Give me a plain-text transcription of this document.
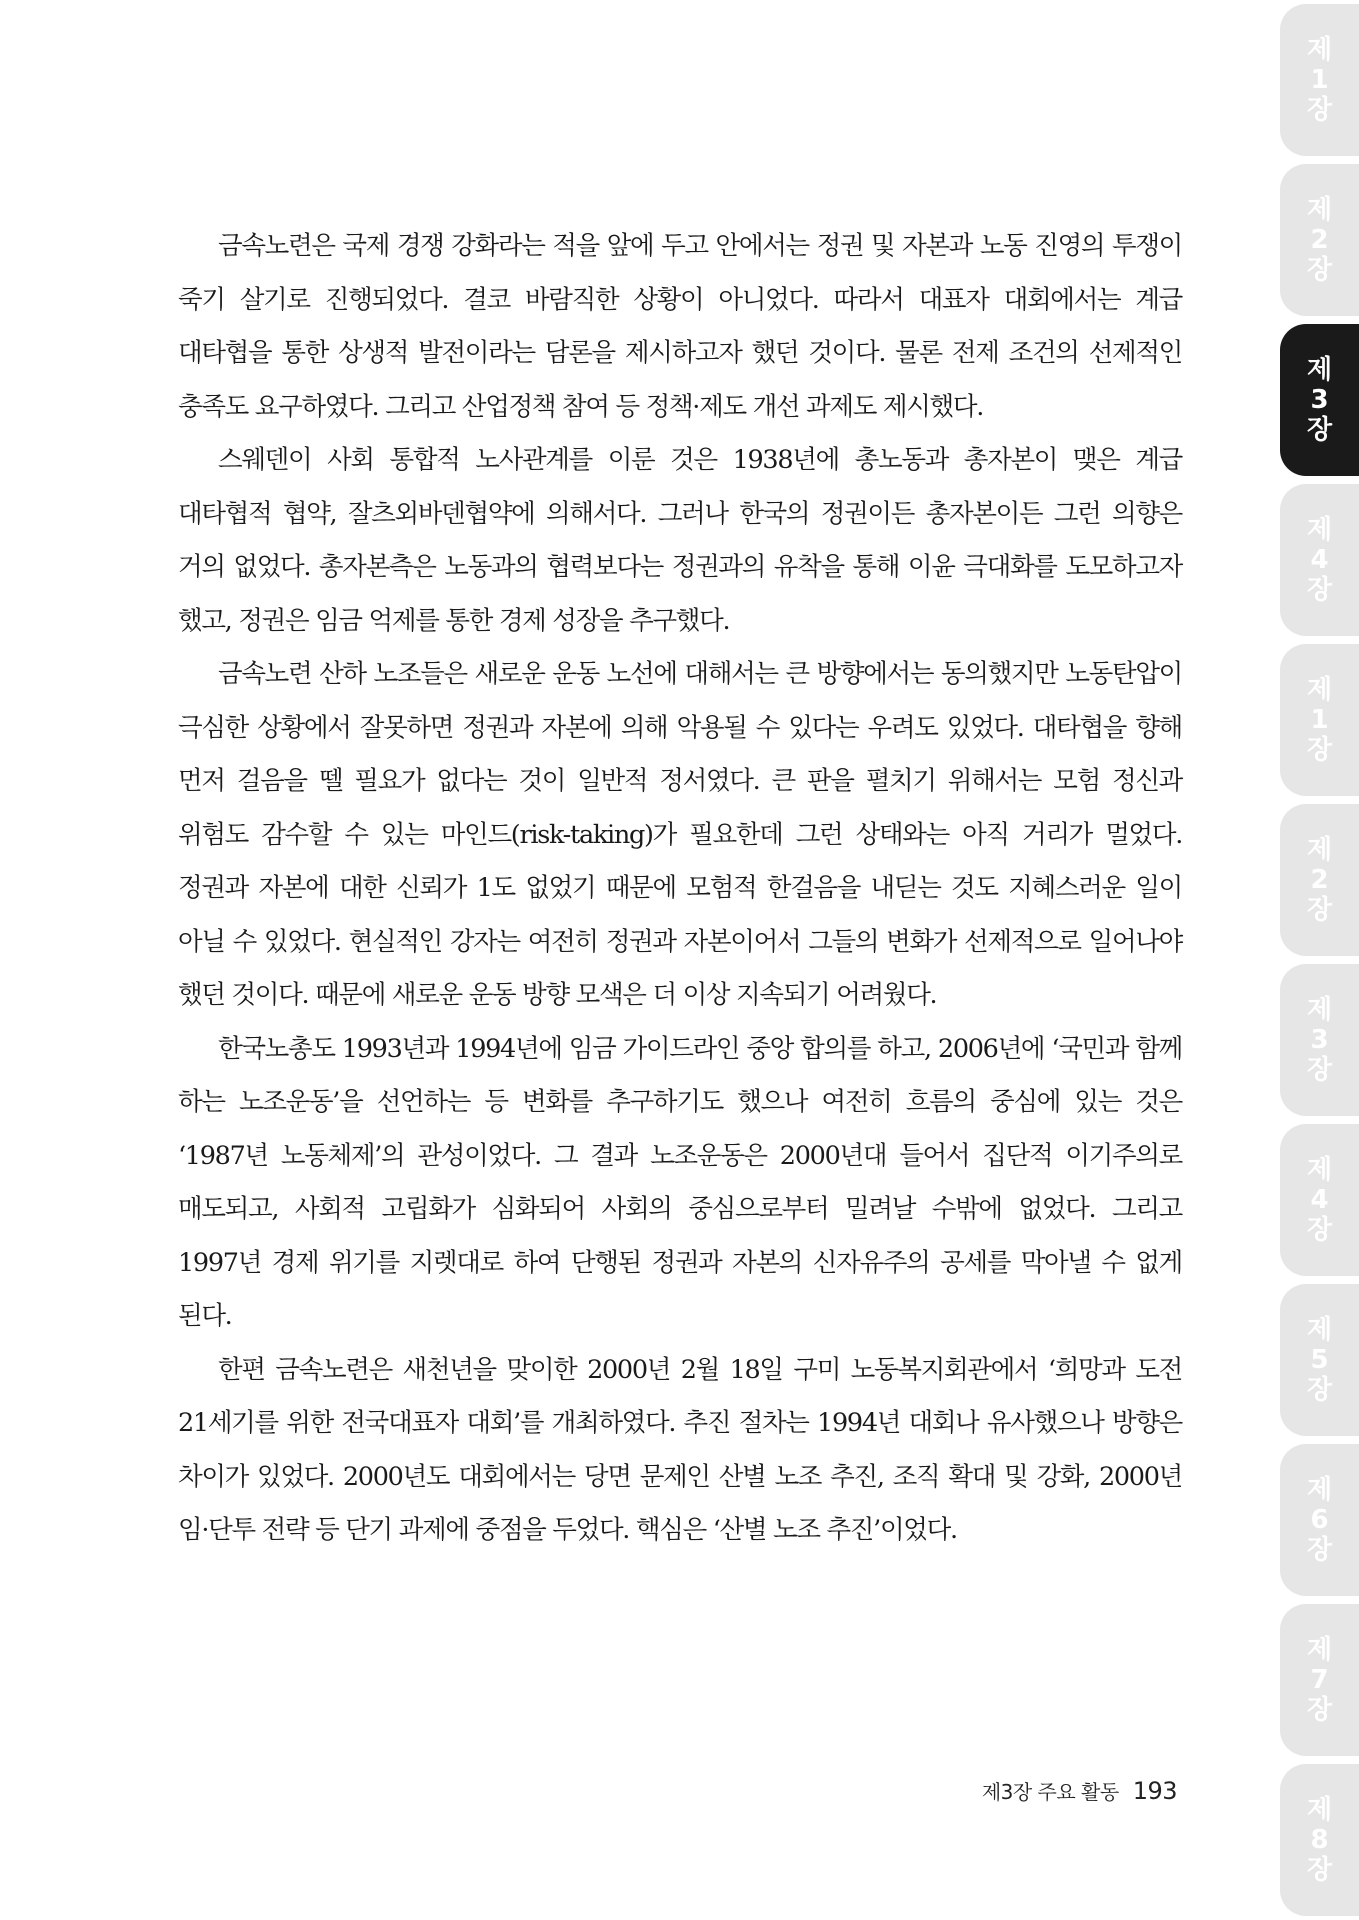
금속노련은 국제 경쟁 강화라는 적을 앞에 두고 안에서는 정권 및 자본과 노동 진영의 투쟁이 죽기 살기로 진행되었다. 결코 바람직한 상황이 아니었다. 따라서 대표자 대회에서는 계급 대타협을 통한 상생적 발전이라는 담론을 제시하고자 했던 것이다. 물론 전제 조건의 선제적인 충족도 요구하였다. 그리고 산업정책 참여 등 정책·제도 개선 과제도 제시했다.

스웨덴이 사회 통합적 노사관계를 이룬 것은 1938년에 총노동과 총자본이 맺은 계급 대타협적 협약, 잘츠외바덴협약에 의해서다. 그러나 한국의 정권이든 총자본이든 그런 의향은 거의 없었다. 총자본측은 노동과의 협력보다는 정권과의 유착을 통해 이윤 극대화를 도모하고자 했고, 정권은 임금 억제를 통한 경제 성장을 추구했다.

금속노련 산하 노조들은 새로운 운동 노선에 대해서는 큰 방향에서는 동의했지만 노동탄압이 극심한 상황에서 잘못하면 정권과 자본에 의해 악용될 수 있다는 우려도 있었다. 대타협을 향해 먼저 걸음을 뗄 필요가 없다는 것이 일반적 정서였다. 큰 판을 펼치기 위해서는 모험 정신과 위험도 감수할 수 있는 마인드(risk-taking)가 필요한데 그런 상태와는 아직 거리가 멀었다. 정권과 자본에 대한 신뢰가 1도 없었기 때문에 모험적 한걸음을 내딛는 것도 지혜스러운 일이 아닐 수 있었다. 현실적인 강자는 여전히 정권과 자본이어서 그들의 변화가 선제적으로 일어나야 했던 것이다. 때문에 새로운 운동 방향 모색은 더 이상 지속되기 어려웠다.

한국노총도 1993년과 1994년에 임금 가이드라인 중앙 합의를 하고, 2006년에 ‘국민과 함께 하는 노조운동’을 선언하는 등 변화를 추구하기도 했으나 여전히 흐름의 중심에 있는 것은 ‘1987년 노동체제’의 관성이었다. 그 결과 노조운동은 2000년대 들어서 집단적 이기주의로 매도되고, 사회적 고립화가 심화되어 사회의 중심으로부터 밀려날 수밖에 없었다. 그리고 1997년 경제 위기를 지렛대로 하여 단행된 정권과 자본의 신자유주의 공세를 막아낼 수 없게 된다.

한편 금속노련은 새천년을 맞이한 2000년 2월 18일 구미 노동복지회관에서 ‘희망과 도전 21세기를 위한 전국대표자 대회’를 개최하였다. 추진 절차는 1994년 대회나 유사했으나 방향은 차이가 있었다. 2000년도 대회에서는 당면 문제인 산별 노조 추진, 조직 확대 및 강화, 2000년 임·단투 전략 등 단기 과제에 중점을 두었다. 핵심은 ‘산별 노조 추진’이었다.

제3장 주요 활동 193
제
1
장
제
2
장
제
3
장
제
4
장
제
1
장
제
2
장
제
3
장
제
4
장
제
5
장
제
6
장
제
7
장
제
8
장
